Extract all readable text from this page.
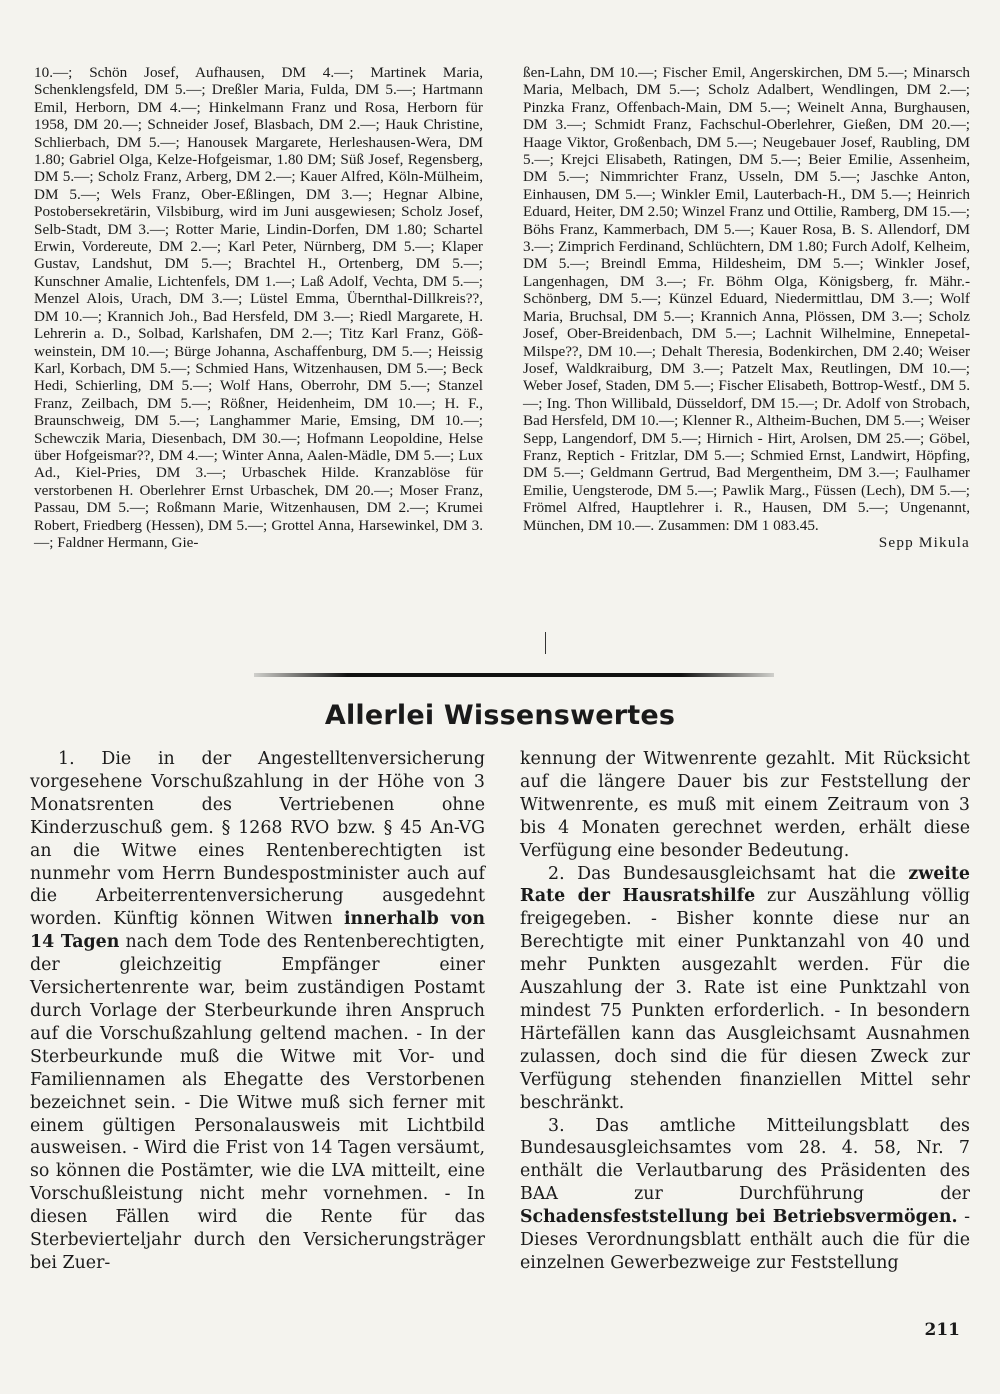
10.—; Schön Josef, Aufhausen, DM 4.—; Martinek Maria, Schenklengsfeld, DM 5.—; Dreßler Maria, Fulda, DM 5.—; Hartmann Emil, Herborn, DM 4.—; Hinkelmann Franz und Rosa, Herborn für 1958, DM 20.—; Schneider Josef, Blasbach, DM 2.—; Hauk Christine, Schlierbach, DM 5.—; Hanousek Margarete, Herleshausen-Wera, DM 1.80; Gabriel Olga, Kelze-Hofgeismar, 1.80 DM; Süß Josef, Regensberg, DM 5.—; Scholz Franz, Arberg, DM 2.—; Kauer Alfred, Köln-Mülheim, DM 5.—; Wels Franz, Ober-Eßlingen, DM 3.—; Hegnar Albine, Postobersekretärin, Vilsbiburg, wird im Juni ausgewiesen; Scholz Josef, Selb-Stadt, DM 3.—; Rotter Marie, Lindin-Dorfen, DM 1.80; Schartel Erwin, Vordereute, DM 2.—; Karl Peter, Nürnberg, DM 5.—; Klaper Gustav, Landshut, DM 5.—; Brachtel H., Ortenberg, DM 5.—; Kunschner Amalie, Lichtenfels, DM 1.—; Laß Adolf, Vechta, DM 5.—; Menzel Alois, Urach, DM 3.—; Lüstel Emma, Übernthal-Dillkreis??, DM 10.—; Krannich Joh., Bad Hersfeld, DM 3.—; Riedl Margarete, H. Lehrerin a. D., Solbad, Karlshafen, DM 2.—; Titz Karl Franz, Göß-weinstein, DM 10.—; Bürge Johanna, Aschaffenburg, DM 5.—; Heissig Karl, Korbach, DM 5.—; Schmied Hans, Witzenhausen, DM 5.—; Beck Hedi, Schierling, DM 5.—; Wolf Hans, Oberrohr, DM 5.—; Stanzel Franz, Zeilbach, DM 5.—; Rößner, Heidenheim, DM 10.—; H. F., Braunschweig, DM 5.—; Langhammer Marie, Emsing, DM 10.—; Schewczik Maria, Diesenbach, DM 30.—; Hofmann Leopoldine, Helse über Hofgeismar??, DM 4.—; Winter Anna, Aalen-Mädle, DM 5.—; Lux Ad., Kiel-Pries, DM 3.—; Urbaschek Hilde. Kranzablöse für verstorbenen H. Oberlehrer Ernst Urbaschek, DM 20.—; Moser Franz, Passau, DM 5.—; Roßmann Marie, Witzenhausen, DM 2.—; Krumei Robert, Friedberg (Hessen), DM 5.—; Grottel Anna, Harsewinkel, DM 3.—; Faldner Hermann, Gie-

ßen-Lahn, DM 10.—; Fischer Emil, Angerskirchen, DM 5.—; Minarsch Maria, Melbach, DM 5.—; Scholz Adalbert, Wendlingen, DM 2.—; Pinzka Franz, Offenbach-Main, DM 5.—; Weinelt Anna, Burghausen, DM 3.—; Schmidt Franz, Fachschul-Oberlehrer, Gießen, DM 20.—; Haage Viktor, Großenbach, DM 5.—; Neugebauer Josef, Raubling, DM 5.—; Krejci Elisabeth, Ratingen, DM 5.—; Beier Emilie, Assenheim, DM 5.—; Nimmrichter Franz, Usseln, DM 5.—; Jaschke Anton, Einhausen, DM 5.—; Winkler Emil, Lauterbach-H., DM 5.—; Heinrich Eduard, Heiter, DM 2.50; Winzel Franz und Ottilie, Ramberg, DM 15.—; Böhs Franz, Kammerbach, DM 5.—; Kauer Rosa, B. S. Allendorf, DM 3.—; Zimprich Ferdinand, Schlüchtern, DM 1.80; Furch Adolf, Kelheim, DM 5.—; Breindl Emma, Hildesheim, DM 5.—; Winkler Josef, Langenhagen, DM 3.—; Fr. Böhm Olga, Königsberg, fr. Mähr.-Schönberg, DM 5.—; Künzel Eduard, Niedermittlau, DM 3.—; Wolf Maria, Bruchsal, DM 5.—; Krannich Anna, Plössen, DM 3.—; Scholz Josef, Ober-Breidenbach, DM 5.—; Lachnit Wilhelmine, Ennepetal-Milspe??, DM 10.—; Dehalt Theresia, Bodenkirchen, DM 2.40; Weiser Josef, Waldkraiburg, DM 3.—; Patzelt Max, Reutlingen, DM 10.—; Weber Josef, Staden, DM 5.—; Fischer Elisabeth, Bottrop-Westf., DM 5.—; Ing. Thon Willibald, Düsseldorf, DM 15.—; Dr. Adolf von Strobach, Bad Hersfeld, DM 10.—; Klenner R., Altheim-Buchen, DM 5.—; Weiser Sepp, Langendorf, DM 5.—; Hirnich - Hirt, Arolsen, DM 25.—; Göbel, Franz, Reptich - Fritzlar, DM 5.—; Schmied Ernst, Landwirt, Höpfing, DM 5.—; Geldmann Gertrud, Bad Mergentheim, DM 3.—; Faulhamer Emilie, Uengsterode, DM 5.—; Pawlik Marg., Füssen (Lech), DM 5.—; Frömel Alfred, Hauptlehrer i. R., Hausen, DM 5.—; Ungenannt, München, DM 10.—. Zusammen: DM 1 083.45.

Sepp Mikula
Allerlei Wissenswertes

1. Die in der Angestelltenversicherung vorgesehene Vorschußzahlung in der Höhe von 3 Monatsrenten des Vertriebenen ohne Kinderzuschuß gem. § 1268 RVO bzw. § 45 An-VG an die Witwe eines Rentenberechtigten ist nunmehr vom Herrn Bundespostminister auch auf die Arbeiterrentenversicherung ausgedehnt worden. Künftig können Witwen innerhalb von 14 Tagen nach dem Tode des Rentenberechtigten, der gleichzeitig Empfänger einer Versichertenrente war, beim zuständigen Postamt durch Vorlage der Sterbeurkunde ihren Anspruch auf die Vorschußzahlung geltend machen. - In der Sterbeurkunde muß die Witwe mit Vor- und Familiennamen als Ehegatte des Verstorbenen bezeichnet sein. - Die Witwe muß sich ferner mit einem gültigen Personalausweis mit Lichtbild ausweisen. - Wird die Frist von 14 Tagen versäumt, so können die Postämter, wie die LVA mitteilt, eine Vorschußleistung nicht mehr vornehmen. - In diesen Fällen wird die Rente für das Sterbevierteljahr durch den Versicherungsträger bei Zuer-

kennung der Witwenrente gezahlt. Mit Rücksicht auf die längere Dauer bis zur Feststellung der Witwenrente, es muß mit einem Zeitraum von 3 bis 4 Monaten gerechnet werden, erhält diese Verfügung eine besonder Bedeutung.

2. Das Bundesausgleichsamt hat die zweite Rate der Hausratshilfe zur Auszählung völlig freigegeben. - Bisher konnte diese nur an Berechtigte mit einer Punktanzahl von 40 und mehr Punkten ausgezahlt werden. Für die Auszahlung der 3. Rate ist eine Punktzahl von mindest 75 Punkten erforderlich. - In besondern Härtefällen kann das Ausgleichsamt Ausnahmen zulassen, doch sind die für diesen Zweck zur Verfügung stehenden finanziellen Mittel sehr beschränkt.

3. Das amtliche Mitteilungsblatt des Bundesausgleichsamtes vom 28. 4. 58, Nr. 7 enthält die Verlautbarung des Präsidenten des BAA zur Durchführung der Schadensfeststellung bei Betriebsvermögen. - Dieses Verordnungsblatt enthält auch die für die einzelnen Gewerbezweige zur Feststellung

211
